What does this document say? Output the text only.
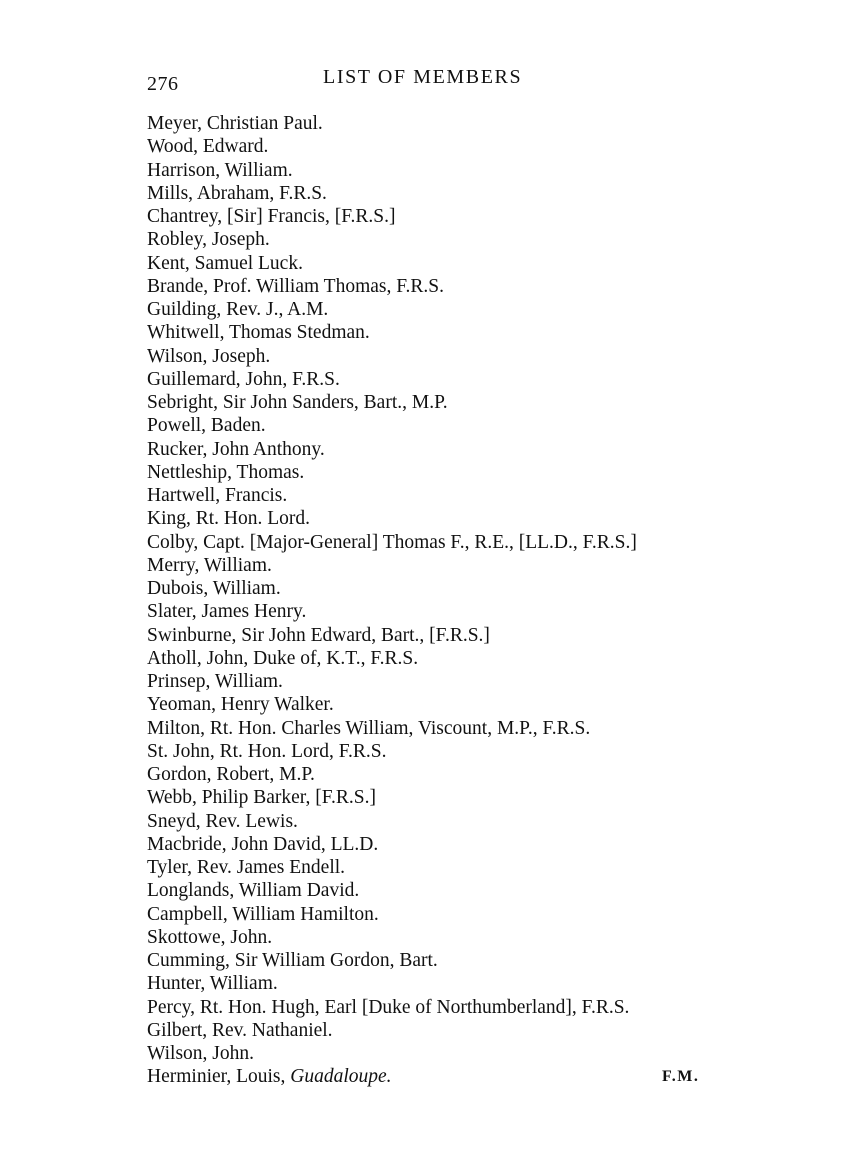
276	LIST OF MEMBERS
Meyer, Christian Paul.
Wood, Edward.
Harrison, William.
Mills, Abraham, F.R.S.
Chantrey, [Sir] Francis, [F.R.S.]
Robley, Joseph.
Kent, Samuel Luck.
Brande, Prof. William Thomas, F.R.S.
Guilding, Rev. J., A.M.
Whitwell, Thomas Stedman.
Wilson, Joseph.
Guillemard, John, F.R.S.
Sebright, Sir John Sanders, Bart., M.P.
Powell, Baden.
Rucker, John Anthony.
Nettleship, Thomas.
Hartwell, Francis.
King, Rt. Hon. Lord.
Colby, Capt. [Major-General] Thomas F., R.E., [LL.D., F.R.S.]
Merry, William.
Dubois, William.
Slater, James Henry.
Swinburne, Sir John Edward, Bart., [F.R.S.]
Atholl, John, Duke of, K.T., F.R.S.
Prinsep, William.
Yeoman, Henry Walker.
Milton, Rt. Hon. Charles William, Viscount, M.P., F.R.S.
St. John, Rt. Hon. Lord, F.R.S.
Gordon, Robert, M.P.
Webb, Philip Barker, [F.R.S.]
Sneyd, Rev. Lewis.
Macbride, John David, LL.D.
Tyler, Rev. James Endell.
Longlands, William David.
Campbell, William Hamilton.
Skottowe, John.
Cumming, Sir William Gordon, Bart.
Hunter, William.
Percy, Rt. Hon. Hugh, Earl [Duke of Northumberland], F.R.S.
Gilbert, Rev. Nathaniel.
Wilson, John.
Herminier, Louis, Guadaloupe.	F.M.
